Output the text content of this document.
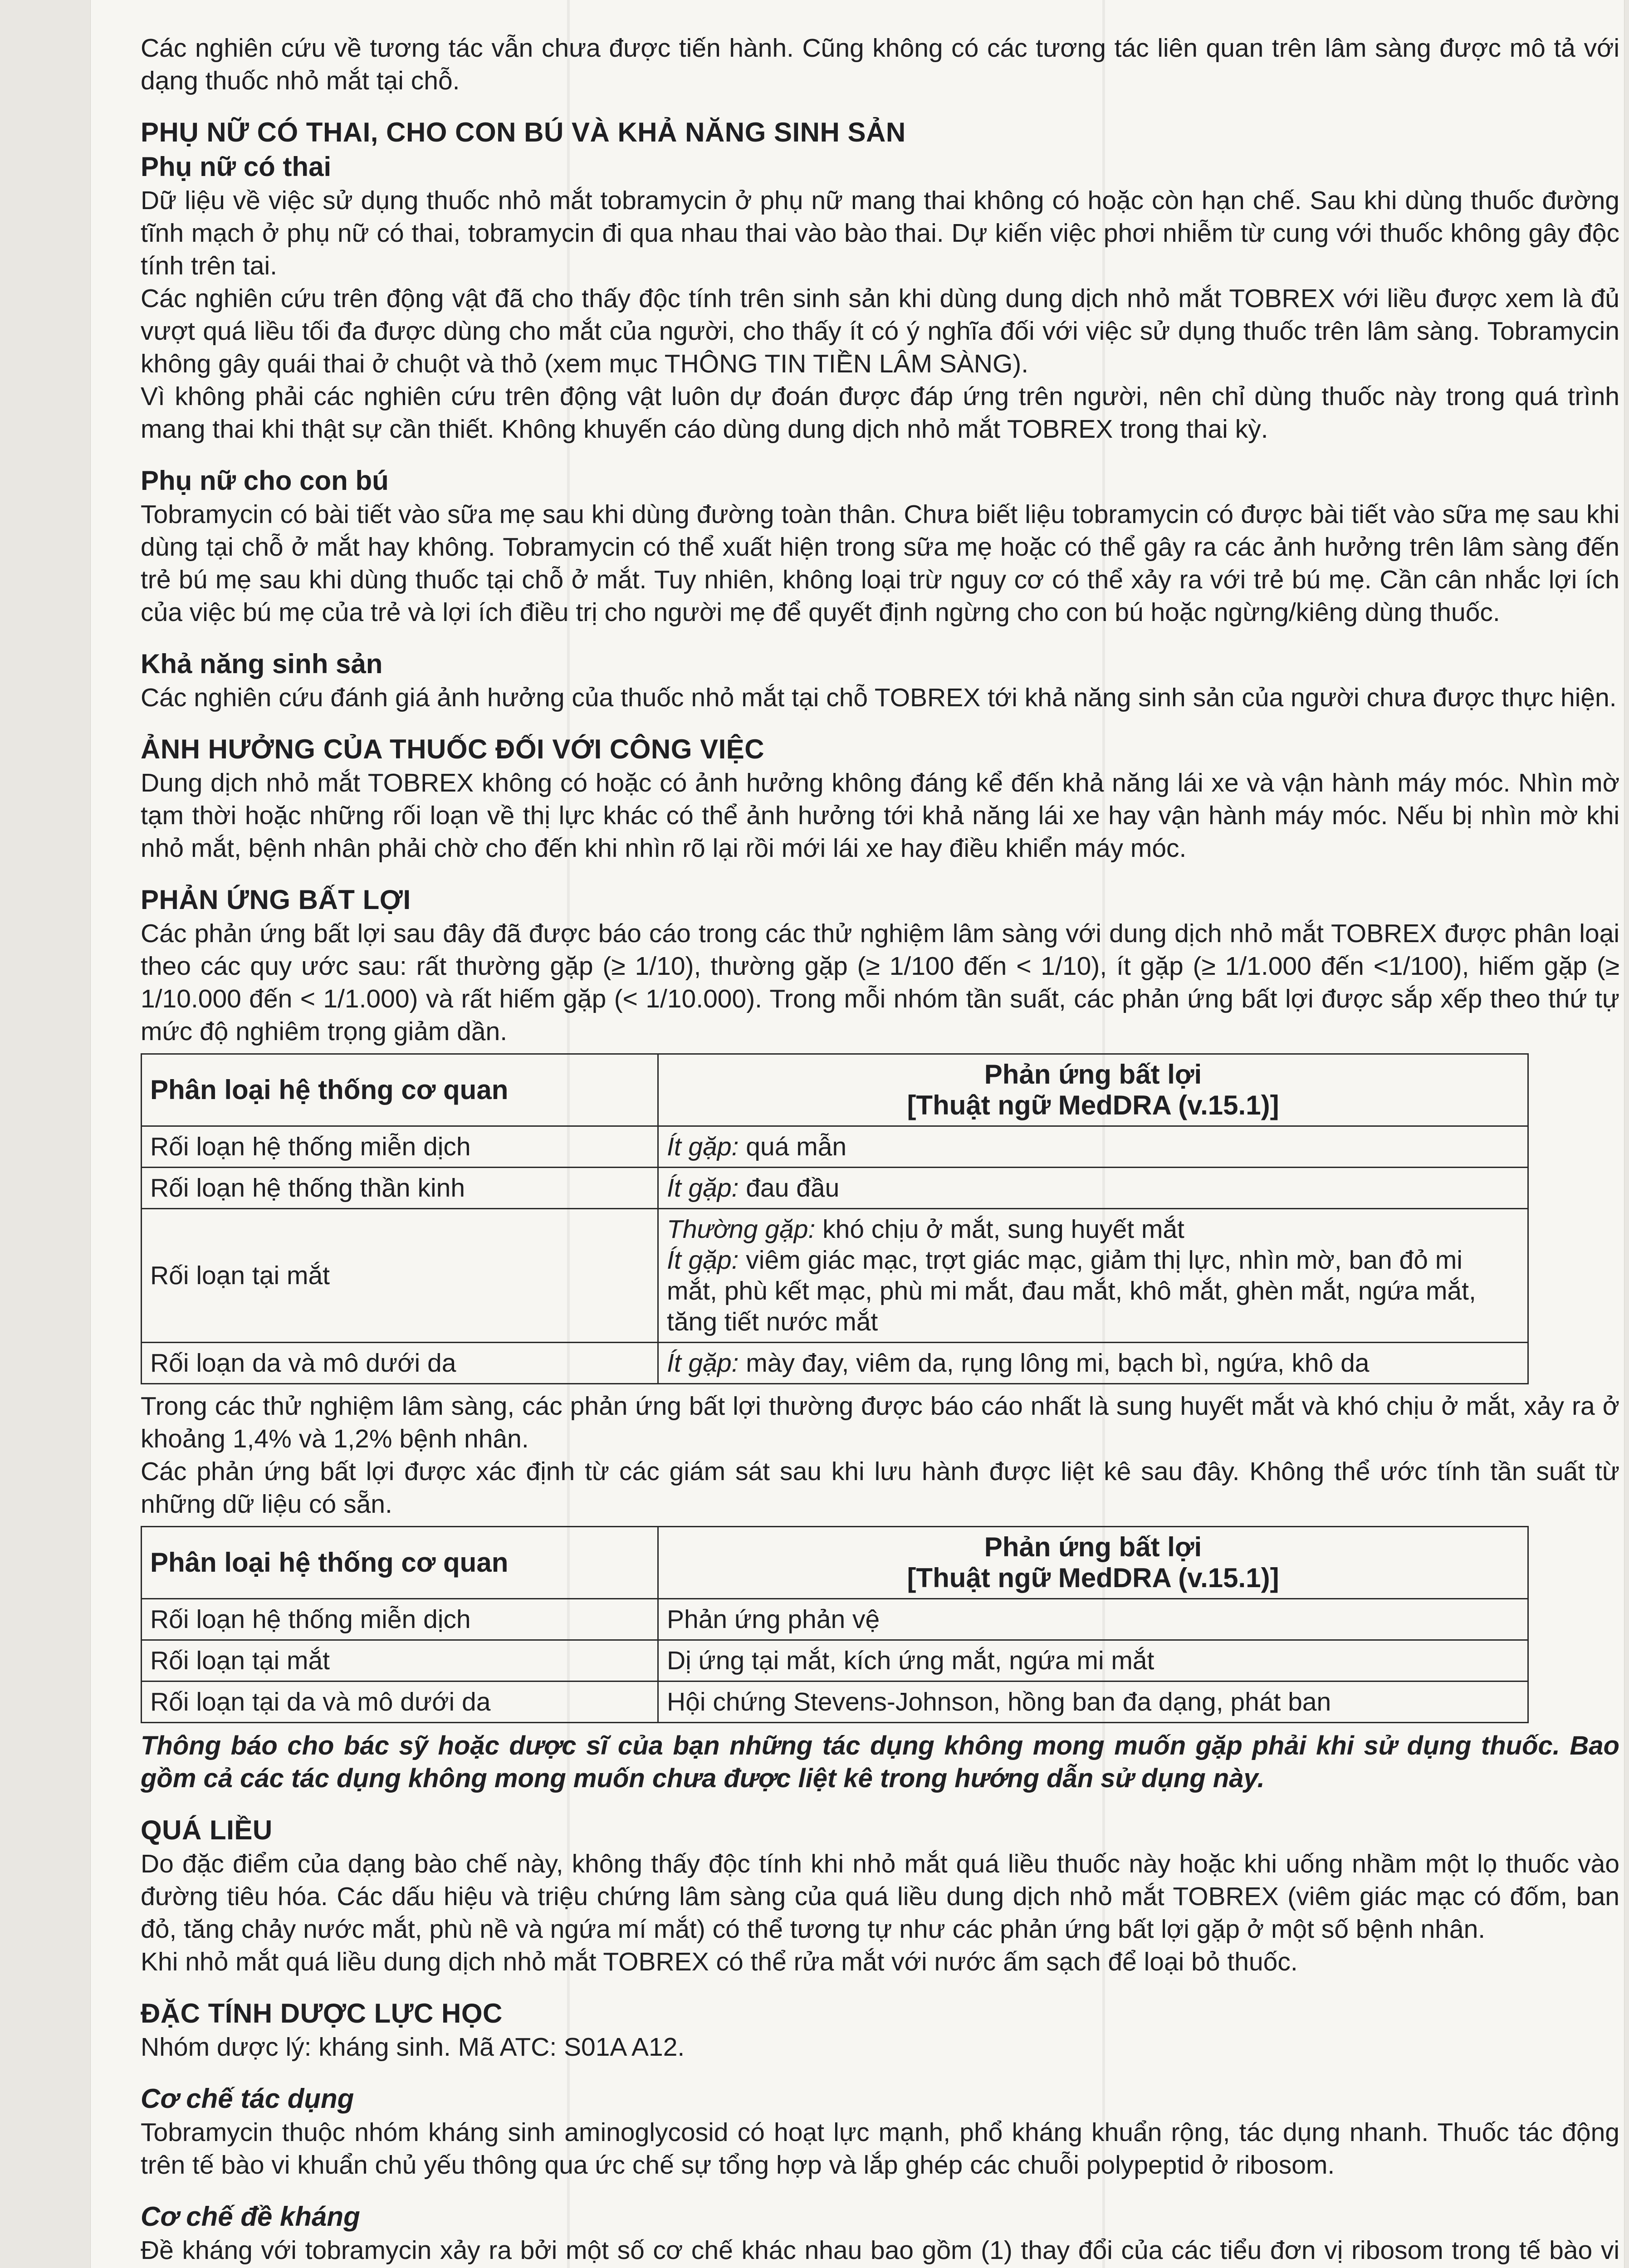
Các nghiên cứu về tương tác vẫn chưa được tiến hành. Cũng không có các tương tác liên quan trên lâm sàng được mô tả với dạng thuốc nhỏ mắt tại chỗ.

PHỤ NỮ CÓ THAI, CHO CON BÚ VÀ KHẢ NĂNG SINH SẢN
Phụ nữ có thai

Dữ liệu về việc sử dụng thuốc nhỏ mắt tobramycin ở phụ nữ mang thai không có hoặc còn hạn chế. Sau khi dùng thuốc đường tĩnh mạch ở phụ nữ có thai, tobramycin đi qua nhau thai vào bào thai. Dự kiến việc phơi nhiễm từ cung với thuốc không gây độc tính trên tai.

Các nghiên cứu trên động vật đã cho thấy độc tính trên sinh sản khi dùng dung dịch nhỏ mắt TOBREX với liều được xem là đủ vượt quá liều tối đa được dùng cho mắt của người, cho thấy ít có ý nghĩa đối với việc sử dụng thuốc trên lâm sàng. Tobramycin không gây quái thai ở chuột và thỏ (xem mục THÔNG TIN TIỀN LÂM SÀNG).

Vì không phải các nghiên cứu trên động vật luôn dự đoán được đáp ứng trên người, nên chỉ dùng thuốc này trong quá trình mang thai khi thật sự cần thiết. Không khuyến cáo dùng dung dịch nhỏ mắt TOBREX trong thai kỳ.

Phụ nữ cho con bú

Tobramycin có bài tiết vào sữa mẹ sau khi dùng đường toàn thân. Chưa biết liệu tobramycin có được bài tiết vào sữa mẹ sau khi dùng tại chỗ ở mắt hay không. Tobramycin có thể xuất hiện trong sữa mẹ hoặc có thể gây ra các ảnh hưởng trên lâm sàng đến trẻ bú mẹ sau khi dùng thuốc tại chỗ ở mắt. Tuy nhiên, không loại trừ nguy cơ có thể xảy ra với trẻ bú mẹ. Cần cân nhắc lợi ích của việc bú mẹ của trẻ và lợi ích điều trị cho người mẹ để quyết định ngừng cho con bú hoặc ngừng/kiêng dùng thuốc.

Khả năng sinh sản

Các nghiên cứu đánh giá ảnh hưởng của thuốc nhỏ mắt tại chỗ TOBREX tới khả năng sinh sản của người chưa được thực hiện.

ẢNH HƯỞNG CỦA THUỐC ĐỐI VỚI CÔNG VIỆC

Dung dịch nhỏ mắt TOBREX không có hoặc có ảnh hưởng không đáng kể đến khả năng lái xe và vận hành máy móc. Nhìn mờ tạm thời hoặc những rối loạn về thị lực khác có thể ảnh hưởng tới khả năng lái xe hay vận hành máy móc. Nếu bị nhìn mờ khi nhỏ mắt, bệnh nhân phải chờ cho đến khi nhìn rõ lại rồi mới lái xe hay điều khiển máy móc.

PHẢN ỨNG BẤT LỢI

Các phản ứng bất lợi sau đây đã được báo cáo trong các thử nghiệm lâm sàng với dung dịch nhỏ mắt TOBREX được phân loại theo các quy ước sau: rất thường gặp (≥ 1/10), thường gặp (≥ 1/100 đến < 1/10), ít gặp (≥ 1/1.000 đến <1/100), hiếm gặp (≥ 1/10.000 đến < 1/1.000) và rất hiếm gặp (< 1/10.000). Trong mỗi nhóm tần suất, các phản ứng bất lợi được sắp xếp theo thứ tự mức độ nghiêm trọng giảm dần.

Phân loại hệ thống cơ quan	Phản ứng bất lợi
[Thuật ngữ MedDRA (v.15.1)]
Rối loạn hệ thống miễn dịch	Ít gặp: quá mẫn
Rối loạn hệ thống thần kinh	Ít gặp: đau đầu
Rối loạn tại mắt	Thường gặp: khó chịu ở mắt, sung huyết mắt
Ít gặp: viêm giác mạc, trợt giác mạc, giảm thị lực, nhìn mờ, ban đỏ mi mắt, phù kết mạc, phù mi mắt, đau mắt, khô mắt, ghèn mắt, ngứa mắt, tăng tiết nước mắt
Rối loạn da và mô dưới da	Ít gặp: mày đay, viêm da, rụng lông mi, bạch bì, ngứa, khô da

Trong các thử nghiệm lâm sàng, các phản ứng bất lợi thường được báo cáo nhất là sung huyết mắt và khó chịu ở mắt, xảy ra ở khoảng 1,4% và 1,2% bệnh nhân.

Các phản ứng bất lợi được xác định từ các giám sát sau khi lưu hành được liệt kê sau đây. Không thể ước tính tần suất từ những dữ liệu có sẵn.

Phân loại hệ thống cơ quan	Phản ứng bất lợi
[Thuật ngữ MedDRA (v.15.1)]
Rối loạn hệ thống miễn dịch	Phản ứng phản vệ
Rối loạn tại mắt	Dị ứng tại mắt, kích ứng mắt, ngứa mi mắt
Rối loạn tại da và mô dưới da	Hội chứng Stevens-Johnson, hồng ban đa dạng, phát ban

Thông báo cho bác sỹ hoặc dược sĩ của bạn những tác dụng không mong muốn gặp phải khi sử dụng thuốc. Bao gồm cả các tác dụng không mong muốn chưa được liệt kê trong hướng dẫn sử dụng này.

QUÁ LIỀU

Do đặc điểm của dạng bào chế này, không thấy độc tính khi nhỏ mắt quá liều thuốc này hoặc khi uống nhầm một lọ thuốc vào đường tiêu hóa. Các dấu hiệu và triệu chứng lâm sàng của quá liều dung dịch nhỏ mắt TOBREX (viêm giác mạc có đốm, ban đỏ, tăng chảy nước mắt, phù nề và ngứa mí mắt) có thể tương tự như các phản ứng bất lợi gặp ở một số bệnh nhân.

Khi nhỏ mắt quá liều dung dịch nhỏ mắt TOBREX có thể rửa mắt với nước ấm sạch để loại bỏ thuốc.

ĐẶC TÍNH DƯỢC LỰC HỌC

Nhóm dược lý: kháng sinh. Mã ATC: S01A A12.

Cơ chế tác dụng

Tobramycin thuộc nhóm kháng sinh aminoglycosid có hoạt lực mạnh, phổ kháng khuẩn rộng, tác dụng nhanh. Thuốc tác động trên tế bào vi khuẩn chủ yếu thông qua ức chế sự tổng hợp và lắp ghép các chuỗi polypeptid ở ribosom.

Cơ chế đề kháng

Đề kháng với tobramycin xảy ra bởi một số cơ chế khác nhau bao gồm (1) thay đổi của các tiểu đơn vị ribosom trong tế bào vi
